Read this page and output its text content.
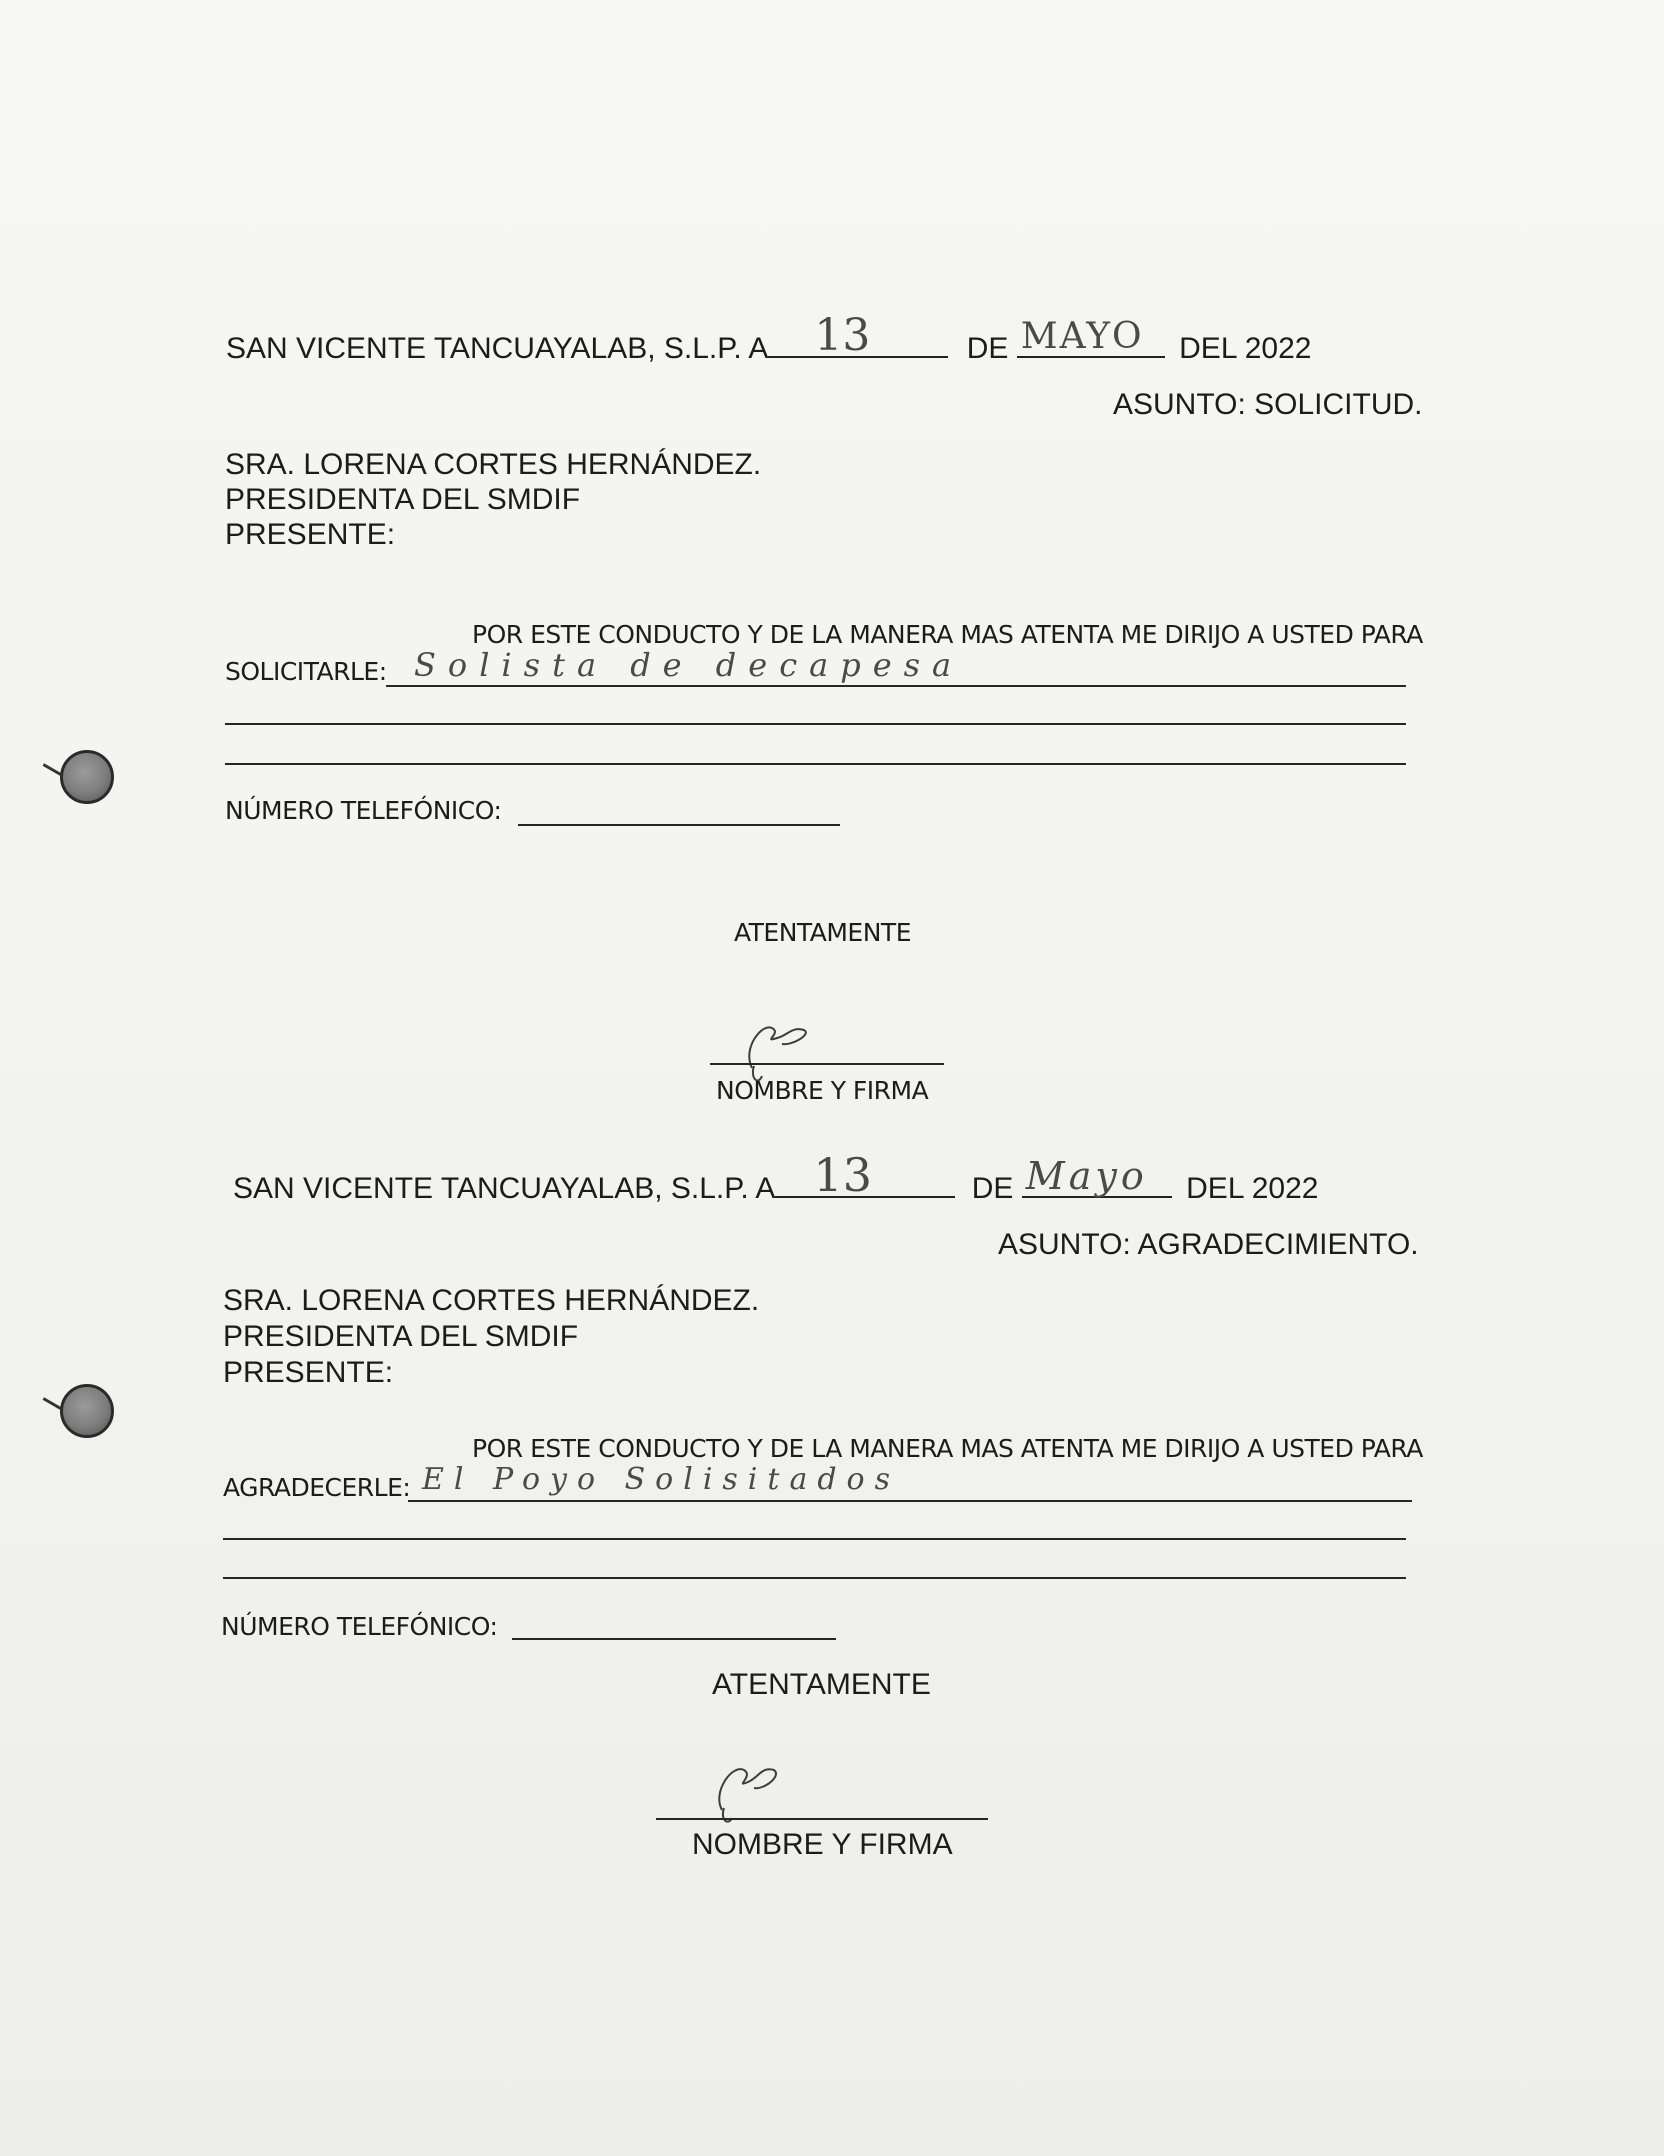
SAN VICENTE TANCUAYALAB, S.L.P. A 13	DE MAYO DEL 2022
ASUNTO: SOLICITUD.
SRA. LORENA CORTES HERNÁNDEZ.
PRESIDENTA DEL SMDIF
PRESENTE:
POR ESTE CONDUCTO Y DE LA MANERA MAS ATENTA ME DIRIJO A USTED PARA
SOLICITARLE: Solista de decapesa
NÚMERO TELEFÓNICO:
ATENTAMENTE
NOMBRE Y FIRMA
SAN VICENTE TANCUAYALAB, S.L.P. A 13	DE Mayo DEL 2022
ASUNTO: AGRADECIMIENTO.
SRA. LORENA CORTES HERNÁNDEZ.
PRESIDENTA DEL SMDIF
PRESENTE:
POR ESTE CONDUCTO Y DE LA MANERA MAS ATENTA ME DIRIJO A USTED PARA
AGRADECERLE: El Poyo Solisitados
NÚMERO TELEFÓNICO:
ATENTAMENTE
NOMBRE Y FIRMA
